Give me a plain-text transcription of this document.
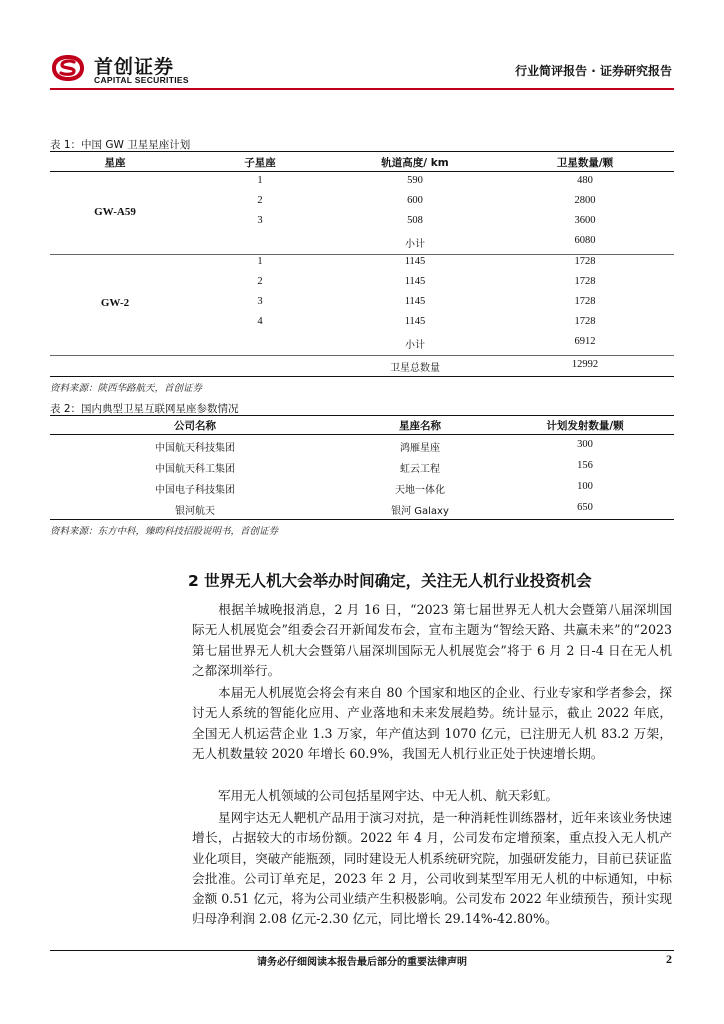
首创证券
CAPITAL SECURITIES
行业简评报告 · 证券研究报告
表 1：中国 GW 卫星星座计划
星座	子星座	轨道高度/ km	卫星数量/颗
GW-A59
1	590	480
2	600	2800
3	508	3600
小计	6080
GW-2
1	1145	1728
2	1145	1728
3	1145	1728
4	1145	1728
小计	6912
卫星总数量	12992
资料来源：陕西华路航天，首创证券
表 2：国内典型卫星互联网星座参数情况
公司名称	星座名称	计划发射数量/颗
中国航天科技集团	鸿雁星座	300
中国航天科工集团	虹云工程	156
中国电子科技集团	天地一体化	100
银河航天	银河 Galaxy	650
资料来源：东方中科，臻昀科技招股说明书，首创证券
2 世界无人机大会举办时间确定，关注无人机行业投资机会
根据羊城晚报消息，2 月 16 日，“2023 第七届世界无人机大会暨第八届深圳国际无人机展览会”组委会召开新闻发布会，宣布主题为“智绘天路、共赢未来”的“2023 第七届世界无人机大会暨第八届深圳国际无人机展览会”将于 6 月 2 日-4 日在无人机之都深圳举行。
本届无人机展览会将会有来自 80 个国家和地区的企业、行业专家和学者参会，探讨无人系统的智能化应用、产业落地和未来发展趋势。统计显示，截止 2022 年底，全国无人机运营企业 1.3 万家，年产值达到 1070 亿元，已注册无人机 83.2 万架，无人机数量较 2020 年增长 60.9%，我国无人机行业正处于快速增长期。
军用无人机领域的公司包括星网宇达、中无人机、航天彩虹。
星网宇达无人靶机产品用于演习对抗，是一种消耗性训练器材，近年来该业务快速增长，占据较大的市场份额。2022 年 4 月，公司发布定增预案，重点投入无人机产业化项目，突破产能瓶颈，同时建设无人机系统研究院，加强研发能力，目前已获证监会批准。公司订单充足，2023 年 2 月，公司收到某型军用无人机的中标通知，中标金额 0.51 亿元，将为公司业绩产生积极影响。公司发布 2022 年业绩预告，预计实现归母净利润 2.08 亿元-2.30 亿元，同比增长 29.14%-42.80%。
请务必仔细阅读本报告最后部分的重要法律声明	2
